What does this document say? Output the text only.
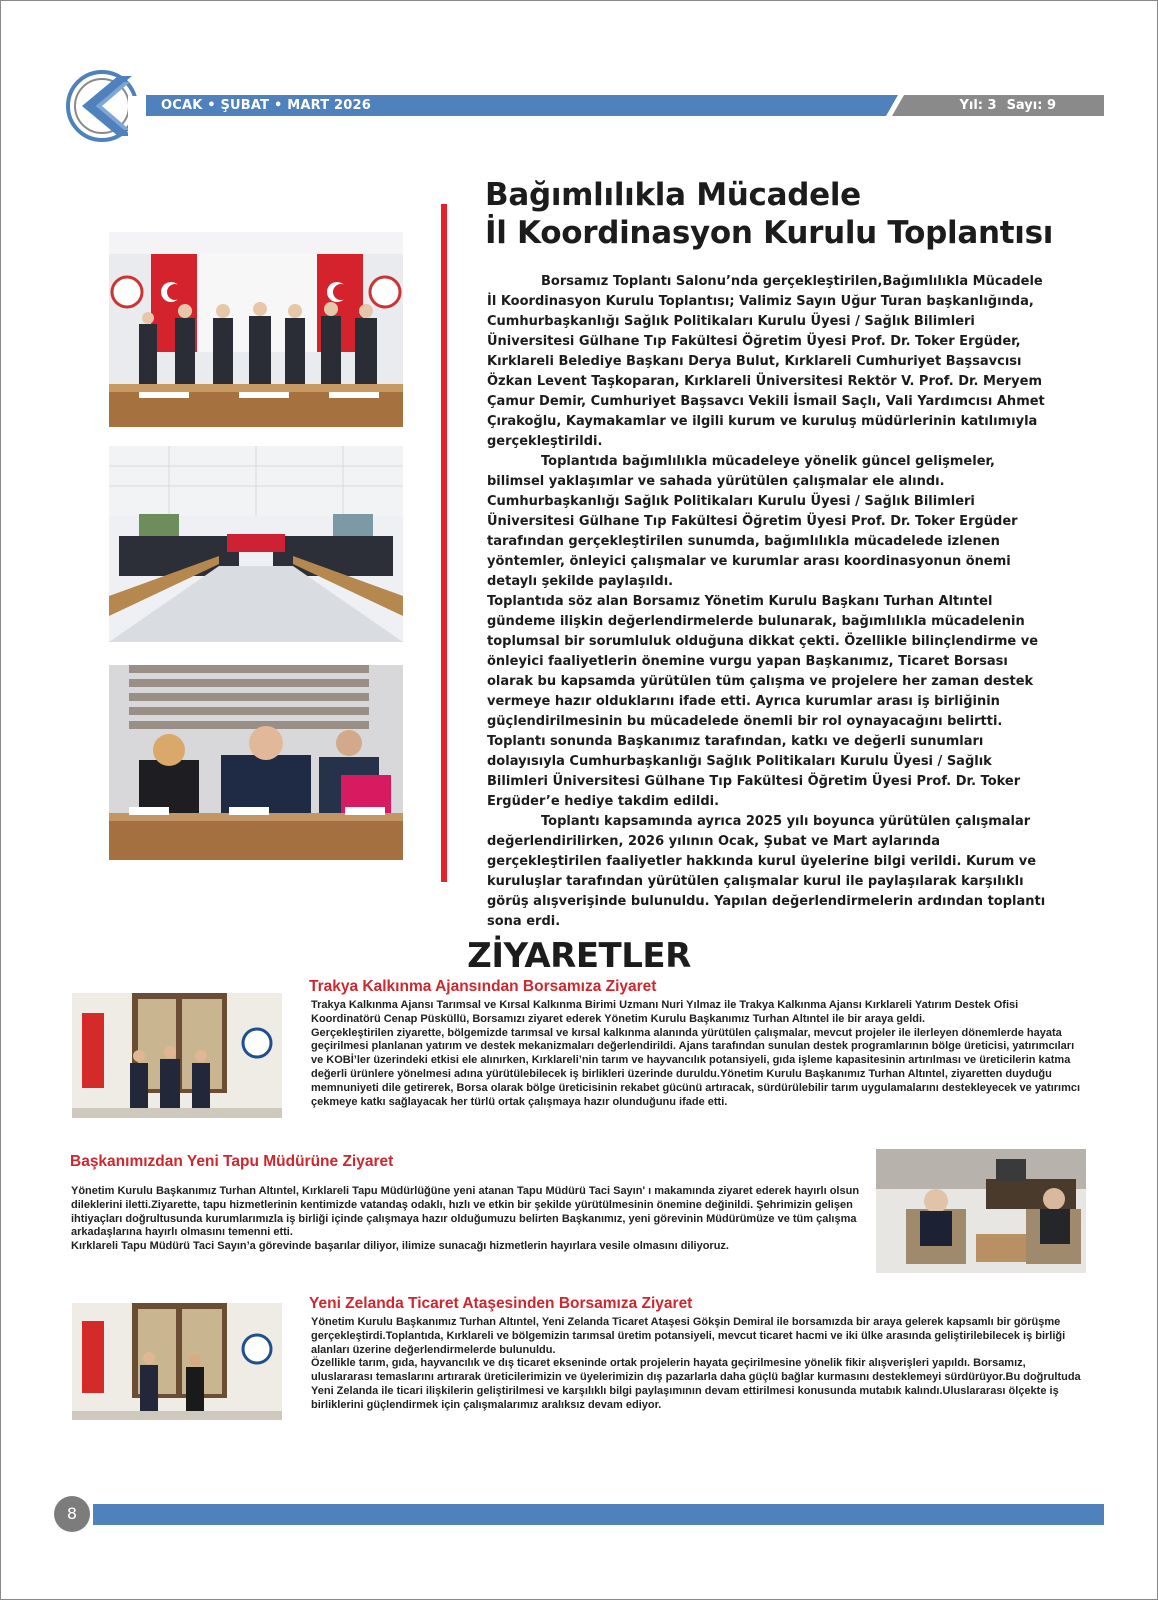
OCAK • ŞUBAT • MART 2026	Yıl: 3 Sayı: 9
Bağımlılıkla Mücadele
İl Koordinasyon Kurulu Toplantısı

Borsamız Toplantı Salonu’nda gerçekleştirilen,Bağımlılıkla Mücadele İl Koordinasyon Kurulu Toplantısı; Valimiz Sayın Uğur Turan başkanlığında, Cumhurbaşkanlığı Sağlık Politikaları Kurulu Üyesi / Sağlık Bilimleri Üniversitesi Gülhane Tıp Fakültesi Öğretim Üyesi Prof. Dr. Toker Ergüder, Kırklareli Belediye Başkanı Derya Bulut, Kırklareli Cumhuriyet Başsavcısı Özkan Levent Taşkoparan, Kırklareli Üniversitesi Rektör V. Prof. Dr. Meryem Çamur Demir, Cumhuriyet Başsavcı Vekili İsmail Saçlı, Vali Yardımcısı Ahmet Çırakoğlu, Kaymakamlar ve ilgili kurum ve kuruluş müdürlerinin katılımıyla gerçekleştirildi.

Toplantıda bağımlılıkla mücadeleye yönelik güncel gelişmeler, bilimsel yaklaşımlar ve sahada yürütülen çalışmalar ele alındı. Cumhurbaşkanlığı Sağlık Politikaları Kurulu Üyesi / Sağlık Bilimleri Üniversitesi Gülhane Tıp Fakültesi Öğretim Üyesi Prof. Dr. Toker Ergüder tarafından gerçekleştirilen sunumda, bağımlılıkla mücadelede izlenen yöntemler, önleyici çalışmalar ve kurumlar arası koordinasyonun önemi detaylı şekilde paylaşıldı.

Toplantıda söz alan Borsamız Yönetim Kurulu Başkanı Turhan Altıntel gündeme ilişkin değerlendirmelerde bulunarak, bağımlılıkla mücadelenin toplumsal bir sorumluluk olduğuna dikkat çekti. Özellikle bilinçlendirme ve önleyici faaliyetlerin önemine vurgu yapan Başkanımız, Ticaret Borsası olarak bu kapsamda yürütülen tüm çalışma ve projelere her zaman destek vermeye hazır olduklarını ifade etti. Ayrıca kurumlar arası iş birliğinin güçlendirilmesinin bu mücadelede önemli bir rol oynayacağını belirtti.

Toplantı sonunda Başkanımız tarafından, katkı ve değerli sunumları dolayısıyla Cumhurbaşkanlığı Sağlık Politikaları Kurulu Üyesi / Sağlık Bilimleri Üniversitesi Gülhane Tıp Fakültesi Öğretim Üyesi Prof. Dr. Toker Ergüder’e hediye takdim edildi.

Toplantı kapsamında ayrıca 2025 yılı boyunca yürütülen çalışmalar değerlendirilirken, 2026 yılının Ocak, Şubat ve Mart aylarında gerçekleştirilen faaliyetler hakkında kurul üyelerine bilgi verildi. Kurum ve kuruluşlar tarafından yürütülen çalışmalar kurul ile paylaşılarak karşılıklı görüş alışverişinde bulunuldu. Yapılan değerlendirmelerin ardından toplantı sona erdi.

ZİYARETLER
Trakya Kalkınma Ajansından Borsamıza Ziyaret

Trakya Kalkınma Ajansı Tarımsal ve Kırsal Kalkınma Birimi Uzmanı Nuri Yılmaz ile Trakya Kalkınma Ajansı Kırklareli Yatırım Destek Ofisi Koordinatörü Cenap Püsküllü, Borsamızı ziyaret ederek Yönetim Kurulu Başkanımız Turhan Altıntel ile bir araya geldi.

Gerçekleştirilen ziyarette, bölgemizde tarımsal ve kırsal kalkınma alanında yürütülen çalışmalar, mevcut projeler ile ilerleyen dönemlerde hayata geçirilmesi planlanan yatırım ve destek mekanizmaları değerlendirildi. Ajans tarafından sunulan destek programlarının bölge üreticisi, yatırımcıları ve KOBİ’ler üzerindeki etkisi ele alınırken, Kırklareli’nin tarım ve hayvancılık potansiyeli, gıda işleme kapasitesinin artırılması ve üreticilerin katma değerli ürünlere yönelmesi adına yürütülebilecek iş birlikleri üzerinde duruldu.Yönetim Kurulu Başkanımız Turhan Altıntel, ziyaretten duyduğu memnuniyeti dile getirerek, Borsa olarak bölge üreticisinin rekabet gücünü artıracak, sürdürülebilir tarım uygulamalarını destekleyecek ve yatırımcı çekmeye katkı sağlayacak her türlü ortak çalışmaya hazır olunduğunu ifade etti.

Başkanımızdan Yeni Tapu Müdürüne Ziyaret

Yönetim Kurulu Başkanımız Turhan Altıntel, Kırklareli Tapu Müdürlüğüne yeni atanan Tapu Müdürü Taci Sayın' ı makamında ziyaret ederek hayırlı olsun dileklerini iletti.Ziyarette, tapu hizmetlerinin kentimizde vatandaş odaklı, hızlı ve etkin bir şekilde yürütülmesinin önemine değinildi. Şehrimizin gelişen ihtiyaçları doğrultusunda kurumlarımızla iş birliği içinde çalışmaya hazır olduğumuzu belirten Başkanımız, yeni görevinin Müdürümüze ve tüm çalışma arkadaşlarına hayırlı olmasını temenni etti.

Kırklareli Tapu Müdürü Taci Sayın’a görevinde başarılar diliyor, ilimize sunacağı hizmetlerin hayırlara vesile olmasını diliyoruz.

Yeni Zelanda Ticaret Ataşesinden Borsamıza Ziyaret

Yönetim Kurulu Başkanımız Turhan Altıntel, Yeni Zelanda Ticaret Ataşesi Gökşin Demiral ile borsamızda bir araya gelerek kapsamlı bir görüşme gerçekleştirdi.Toplantıda, Kırklareli ve bölgemizin tarımsal üretim potansiyeli, mevcut ticaret hacmi ve iki ülke arasında geliştirilebilecek iş birliği alanları üzerine değerlendirmelerde bulunuldu.

Özellikle tarım, gıda, hayvancılık ve dış ticaret ekseninde ortak projelerin hayata geçirilmesine yönelik fikir alışverişleri yapıldı. Borsamız, uluslararası temaslarını artırarak üreticilerimizin ve üyelerimizin dış pazarlarla daha güçlü bağlar kurmasını desteklemeyi sürdürüyor.Bu doğrultuda Yeni Zelanda ile ticari ilişkilerin geliştirilmesi ve karşılıklı bilgi paylaşımının devam ettirilmesi konusunda mutabık kalındı.Uluslararası ölçekte iş birliklerini güçlendirmek için çalışmalarımız aralıksız devam ediyor.

8
